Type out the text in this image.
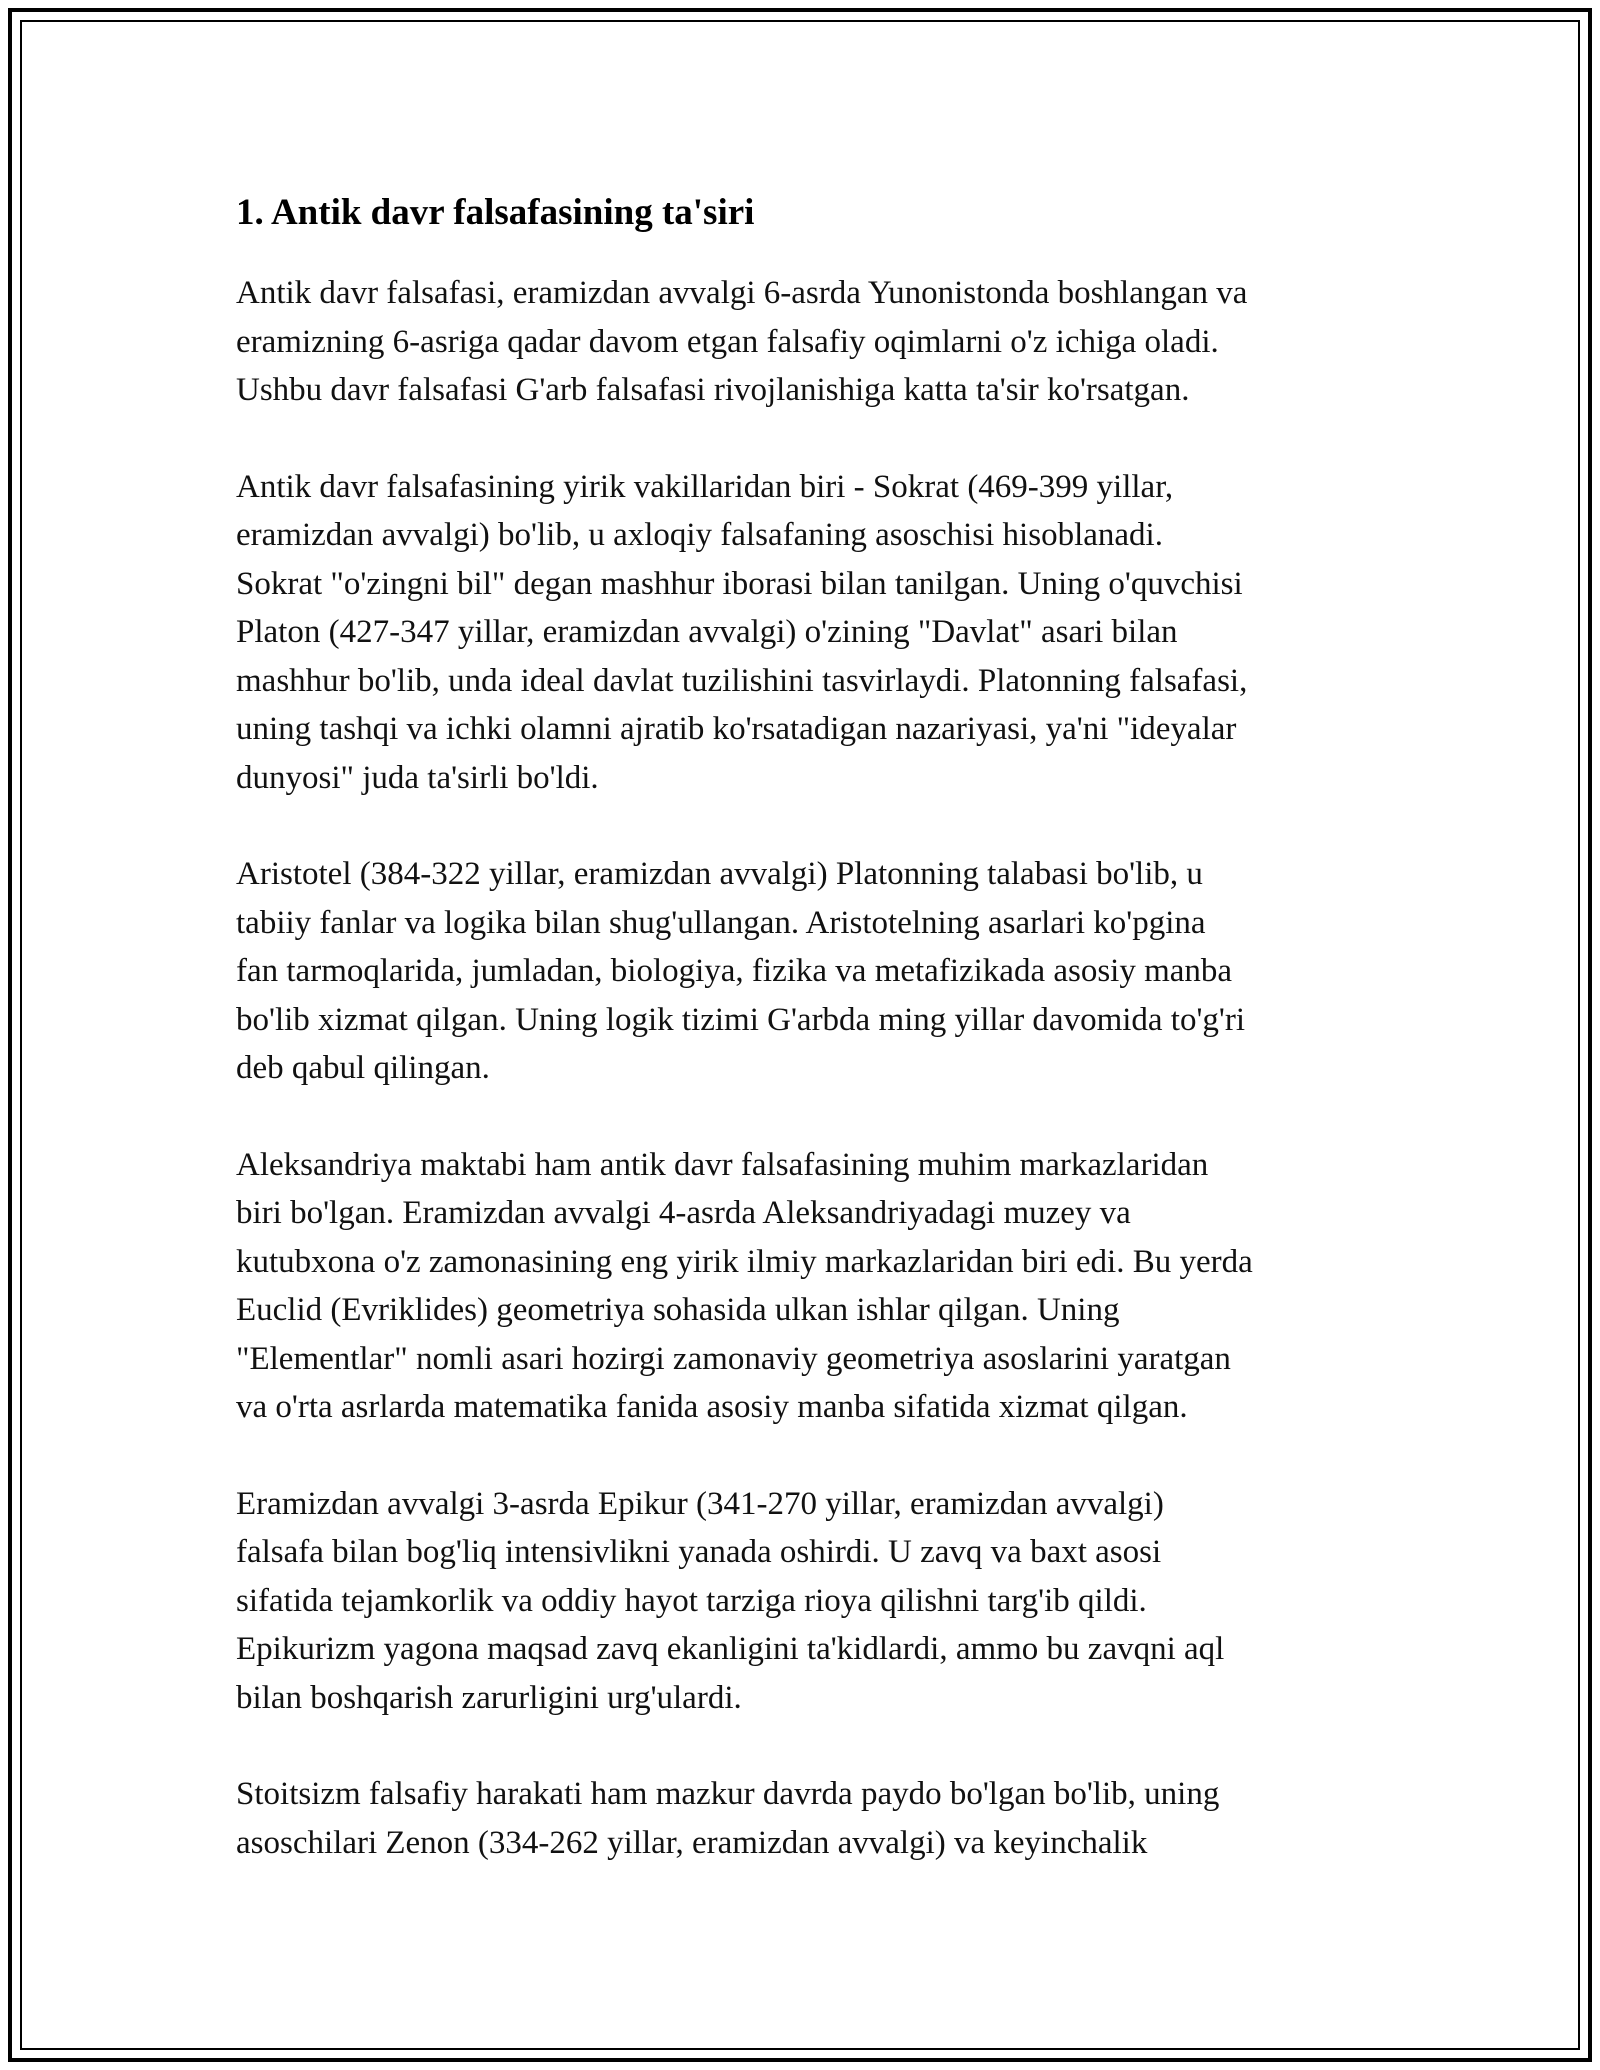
1. Antik davr falsafasining ta'siri
Antik davr falsafasi, eramizdan avvalgi 6-asrda Yunonistonda boshlangan va
eramizning 6-asriga qadar davom etgan falsafiy oqimlarni o'z ichiga oladi.
Ushbu davr falsafasi G'arb falsafasi rivojlanishiga katta ta'sir ko'rsatgan.
Antik davr falsafasining yirik vakillaridan biri - Sokrat (469-399 yillar,
eramizdan avvalgi) bo'lib, u axloqiy falsafaning asoschisi hisoblanadi.
Sokrat "o'zingni bil" degan mashhur iborasi bilan tanilgan. Uning o'quvchisi
Platon (427-347 yillar, eramizdan avvalgi) o'zining "Davlat" asari bilan
mashhur bo'lib, unda ideal davlat tuzilishini tasvirlaydi. Platonning falsafasi,
uning tashqi va ichki olamni ajratib ko'rsatadigan nazariyasi, ya'ni "ideyalar
dunyosi" juda ta'sirli bo'ldi.
Aristotel (384-322 yillar, eramizdan avvalgi) Platonning talabasi bo'lib, u
tabiiy fanlar va logika bilan shug'ullangan. Aristotelning asarlari ko'pgina
fan tarmoqlarida, jumladan, biologiya, fizika va metafizikada asosiy manba
bo'lib xizmat qilgan. Uning logik tizimi G'arbda ming yillar davomida to'g'ri
deb qabul qilingan.
Aleksandriya maktabi ham antik davr falsafasining muhim markazlaridan
biri bo'lgan. Eramizdan avvalgi 4-asrda Aleksandriyadagi muzey va
kutubxona o'z zamonasining eng yirik ilmiy markazlaridan biri edi. Bu yerda
Euclid (Evriklides) geometriya sohasida ulkan ishlar qilgan. Uning
"Elementlar" nomli asari hozirgi zamonaviy geometriya asoslarini yaratgan
va o'rta asrlarda matematika fanida asosiy manba sifatida xizmat qilgan.
Eramizdan avvalgi 3-asrda Epikur (341-270 yillar, eramizdan avvalgi)
falsafa bilan bog'liq intensivlikni yanada oshirdi. U zavq va baxt asosi
sifatida tejamkorlik va oddiy hayot tarziga rioya qilishni targ'ib qildi.
Epikurizm yagona maqsad zavq ekanligini ta'kidlardi, ammo bu zavqni aql
bilan boshqarish zarurligini urg'ulardi.
Stoitsizm falsafiy harakati ham mazkur davrda paydo bo'lgan bo'lib, uning
asoschilari Zenon (334-262 yillar, eramizdan avvalgi) va keyinchalik
